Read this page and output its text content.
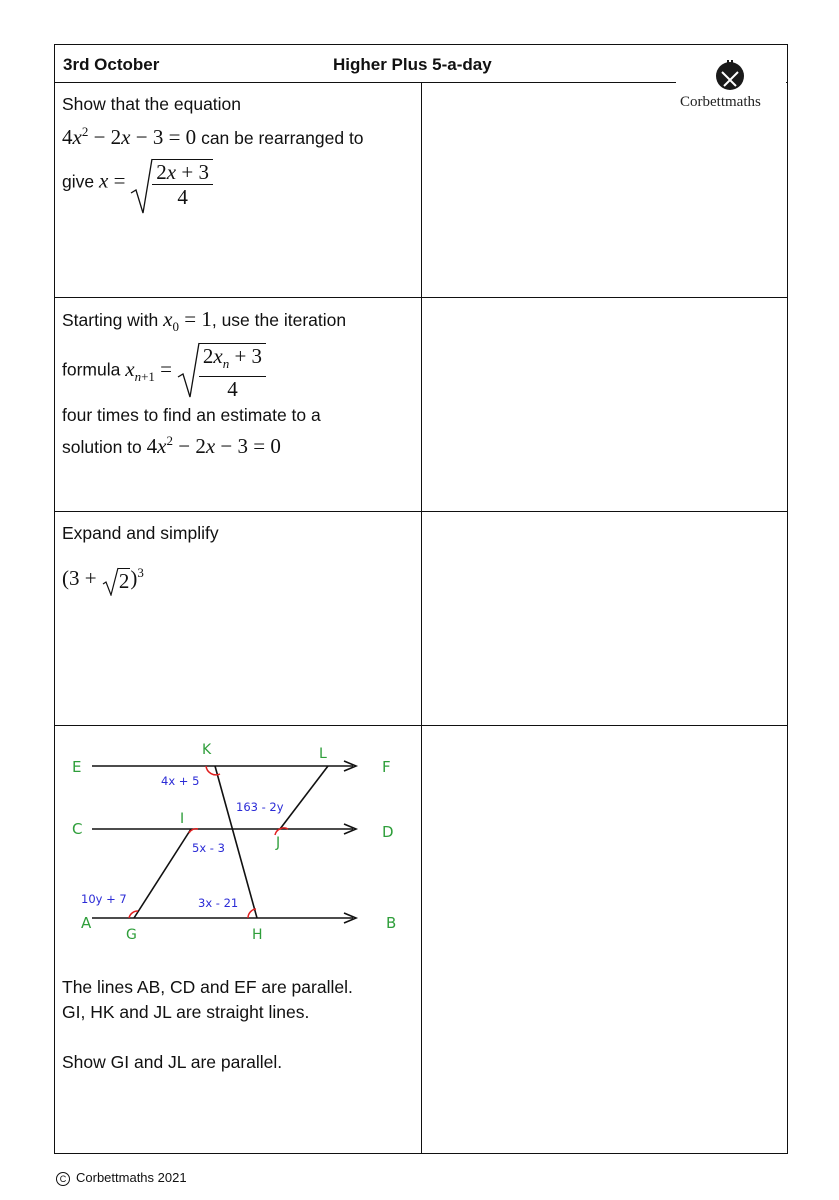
3rd October	Higher Plus 5-a-day
Show that the equation
$4x^2 - 2x - 3 = 0$ can be rearranged to
give $x = \frac{2x + 3}{4}$
Starting with $x_0 = 1$, use the iteration
formula $x_{n+1} = \frac{2x_n + 3}{4}$
four times to find an estimate to a
solution to $4x^2 - 2x - 3 = 0$
Expand and simplify
(3 +
2)$^3$
The lines AB, CD and EF are parallel.
GI, HK and JL are straight lines.
Show GI and JL are parallel.
Corbettmaths
E	F
C	D
A	B
K	L
I
J
G	H
4x + 5
163 - 2y
5x - 3
10y + 7	3x - 21
C Corbettmaths 2021
